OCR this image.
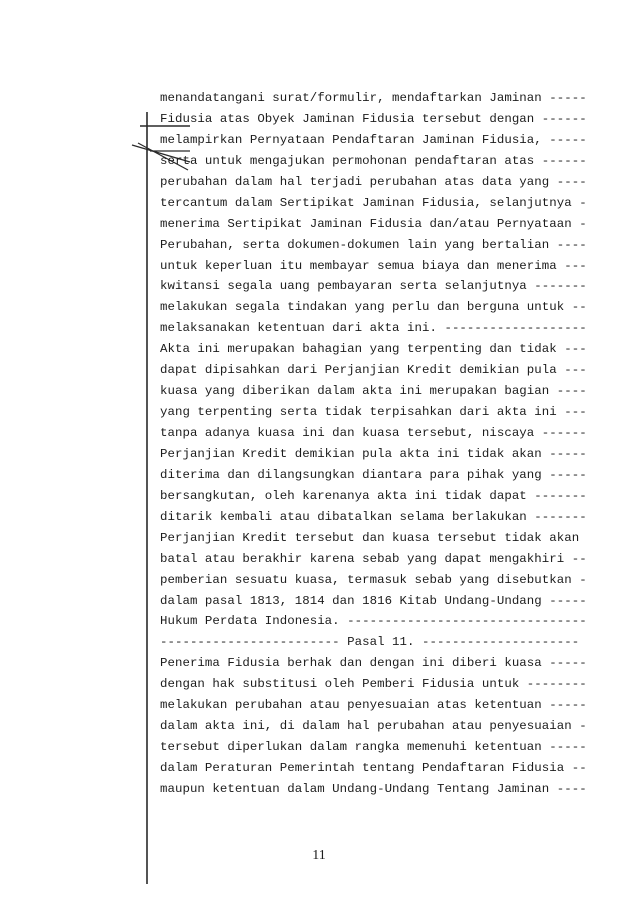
menandatangani surat/formulir, mendaftarkan Jaminan -----
Fidusia atas Obyek Jaminan Fidusia tersebut dengan ------
melampirkan Pernyataan Pendaftaran Jaminan Fidusia, -----
serta untuk mengajukan permohonan pendaftaran atas ------
perubahan dalam hal terjadi perubahan atas data yang ----
tercantum dalam Sertipikat Jaminan Fidusia, selanjutnya -
menerima Sertipikat Jaminan Fidusia dan/atau Pernyataan -
Perubahan, serta dokumen-dokumen lain yang bertalian ----
untuk keperluan itu membayar semua biaya dan menerima ---
kwitansi segala uang pembayaran serta selanjutnya -------
melakukan segala tindakan yang perlu dan berguna untuk --
melaksanakan ketentuan dari akta ini. -------------------
Akta ini merupakan bahagian yang terpenting dan tidak ---
dapat dipisahkan dari Perjanjian Kredit demikian pula ---
kuasa yang diberikan dalam akta ini merupakan bagian ----
yang terpenting serta tidak terpisahkan dari akta ini ---
tanpa adanya kuasa ini dan kuasa tersebut, niscaya ------
Perjanjian Kredit demikian pula akta ini tidak akan -----
diterima dan dilangsungkan diantara para pihak yang -----
bersangkutan, oleh karenanya akta ini tidak dapat -------
ditarik kembali atau dibatalkan selama berlakukan -------
Perjanjian Kredit tersebut dan kuasa tersebut tidak akan
batal atau berakhir karena sebab yang dapat mengakhiri --
pemberian sesuatu kuasa, termasuk sebab yang disebutkan -
dalam pasal 1813, 1814 dan 1816 Kitab Undang-Undang -----
Hukum Perdata Indonesia. --------------------------------
------------------------ Pasal 11. ---------------------
Penerima Fidusia berhak dan dengan ini diberi kuasa -----
dengan hak substitusi oleh Pemberi Fidusia untuk --------
melakukan perubahan atau penyesuaian atas ketentuan -----
dalam akta ini, di dalam hal perubahan atau penyesuaian -
tersebut diperlukan dalam rangka memenuhi ketentuan -----
dalam Peraturan Pemerintah tentang Pendaftaran Fidusia --
maupun ketentuan dalam Undang-Undang Tentang Jaminan ----
11
